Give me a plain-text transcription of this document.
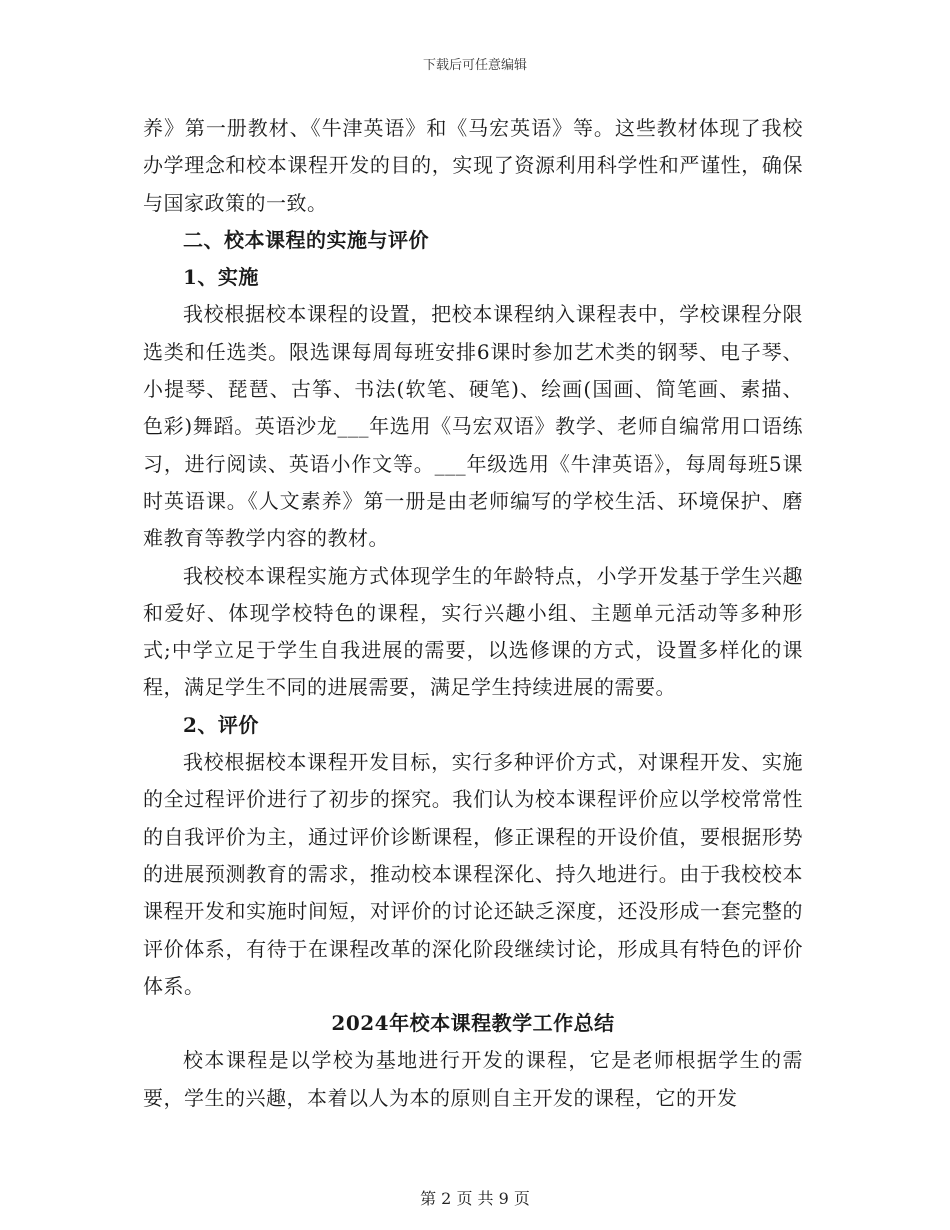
下载后可任意编辑

养》第一册教材、《牛津英语》和《马宏英语》等。这些教材体现了我校办学理念和校本课程开发的目的，实现了资源利用科学性和严谨性，确保与国家政策的一致。

二、校本课程的实施与评价

1、实施

我校根据校本课程的设置，把校本课程纳入课程表中，学校课程分限选类和任选类。限选课每周每班安排6课时参加艺术类的钢琴、电子琴、小提琴、琵琶、古筝、书法(软笔、硬笔)、绘画(国画、简笔画、素描、色彩)舞蹈。英语沙龙___年选用《马宏双语》教学、老师自编常用口语练习，进行阅读、英语小作文等。___年级选用《牛津英语》，每周每班5课时英语课。《人文素养》第一册是由老师编写的学校生活、环境保护、磨难教育等教学内容的教材。

我校校本课程实施方式体现学生的年龄特点，小学开发基于学生兴趣和爱好、体现学校特色的课程，实行兴趣小组、主题单元活动等多种形式;中学立足于学生自我进展的需要，以选修课的方式，设置多样化的课程，满足学生不同的进展需要，满足学生持续进展的需要。

2、评价

我校根据校本课程开发目标，实行多种评价方式，对课程开发、实施的全过程评价进行了初步的探究。我们认为校本课程评价应以学校常常性的自我评价为主，通过评价诊断课程，修正课程的开设价值，要根据形势的进展预测教育的需求，推动校本课程深化、持久地进行。由于我校校本课程开发和实施时间短，对评价的讨论还缺乏深度，还没形成一套完整的评价体系，有待于在课程改革的深化阶段继续讨论，形成具有特色的评价体系。

2024年校本课程教学工作总结

校本课程是以学校为基地进行开发的课程，它是老师根据学生的需要，学生的兴趣，本着以人为本的原则自主开发的课程，它的开发

第 2 页 共 9 页
